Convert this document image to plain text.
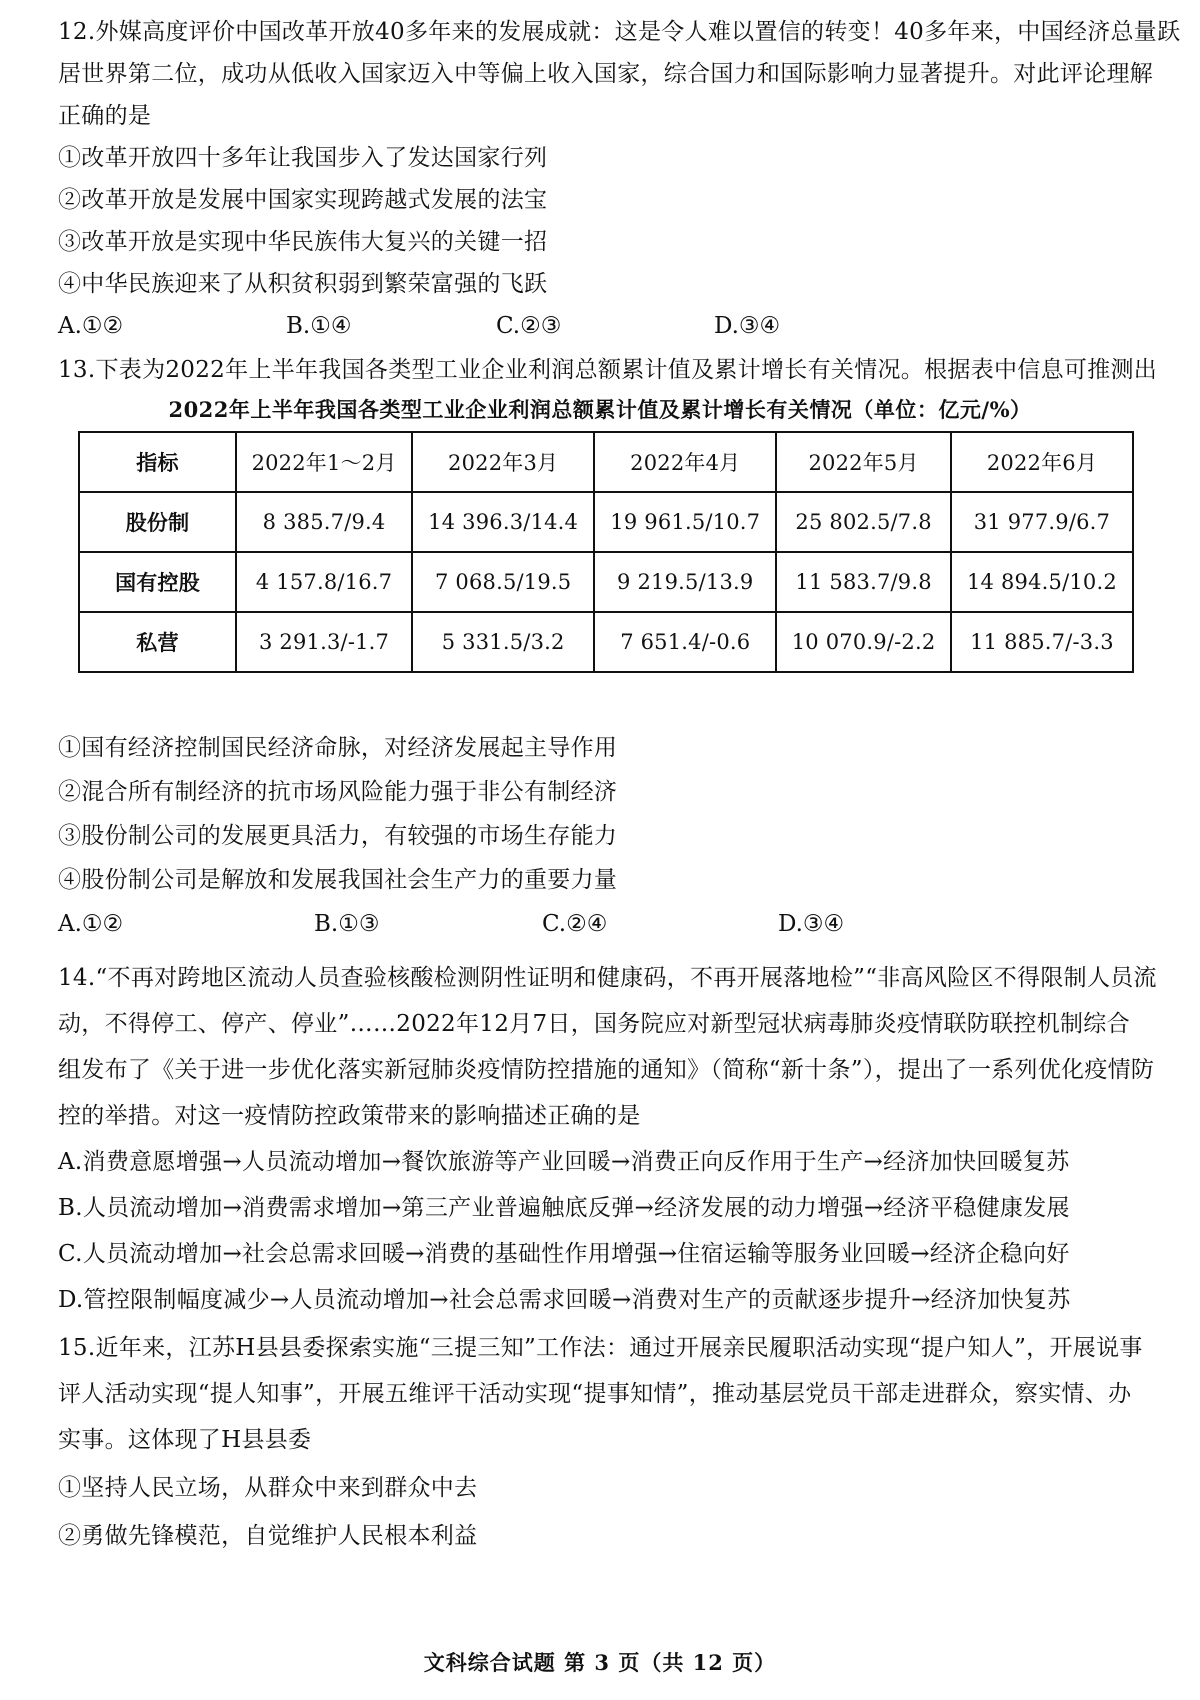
12.外媒高度评价中国改革开放40多年来的发展成就：这是令人难以置信的转变！40多年来，中国经济总量跃
居世界第二位，成功从低收入国家迈入中等偏上收入国家，综合国力和国际影响力显著提升。对此评论理解
正确的是
①改革开放四十多年让我国步入了发达国家行列
②改革开放是发展中国家实现跨越式发展的法宝
③改革开放是实现中华民族伟大复兴的关键一招
④中华民族迎来了从积贫积弱到繁荣富强的飞跃
A.①②	B.①④	C.②③	D.③④
13.下表为2022年上半年我国各类型工业企业利润总额累计值及累计增长有关情况。根据表中信息可推测出
2022年上半年我国各类型工业企业利润总额累计值及累计增长有关情况（单位：亿元/%）
指标	2022年1～2月	2022年3月	2022年4月	2022年5月	2022年6月
股份制	8 385.7/9.4	14 396.3/14.4	19 961.5/10.7	25 802.5/7.8	31 977.9/6.7
国有控股	4 157.8/16.7	7 068.5/19.5	9 219.5/13.9	11 583.7/9.8	14 894.5/10.2
私营	3 291.3/-1.7	5 331.5/3.2	7 651.4/-0.6	10 070.9/-2.2	11 885.7/-3.3
①国有经济控制国民经济命脉，对经济发展起主导作用
②混合所有制经济的抗市场风险能力强于非公有制经济
③股份制公司的发展更具活力，有较强的市场生存能力
④股份制公司是解放和发展我国社会生产力的重要力量
A.①②	B.①③	C.②④	D.③④
14.“不再对跨地区流动人员查验核酸检测阴性证明和健康码，不再开展落地检”“非高风险区不得限制人员流
动，不得停工、停产、停业”……2022年12月7日，国务院应对新型冠状病毒肺炎疫情联防联控机制综合
组发布了《关于进一步优化落实新冠肺炎疫情防控措施的通知》（简称“新十条”），提出了一系列优化疫情防
控的举措。对这一疫情防控政策带来的影响描述正确的是
A.消费意愿增强→人员流动增加→餐饮旅游等产业回暖→消费正向反作用于生产→经济加快回暖复苏
B.人员流动增加→消费需求增加→第三产业普遍触底反弹→经济发展的动力增强→经济平稳健康发展
C.人员流动增加→社会总需求回暖→消费的基础性作用增强→住宿运输等服务业回暖→经济企稳向好
D.管控限制幅度减少→人员流动增加→社会总需求回暖→消费对生产的贡献逐步提升→经济加快复苏
15.近年来，江苏H县县委探索实施“三提三知”工作法：通过开展亲民履职活动实现“提户知人”，开展说事
评人活动实现“提人知事”，开展五维评干活动实现“提事知情”，推动基层党员干部走进群众，察实情、办
实事。这体现了H县县委
①坚持人民立场，从群众中来到群众中去
②勇做先锋模范，自觉维护人民根本利益
文科综合试题 第 3 页（共 12 页）
